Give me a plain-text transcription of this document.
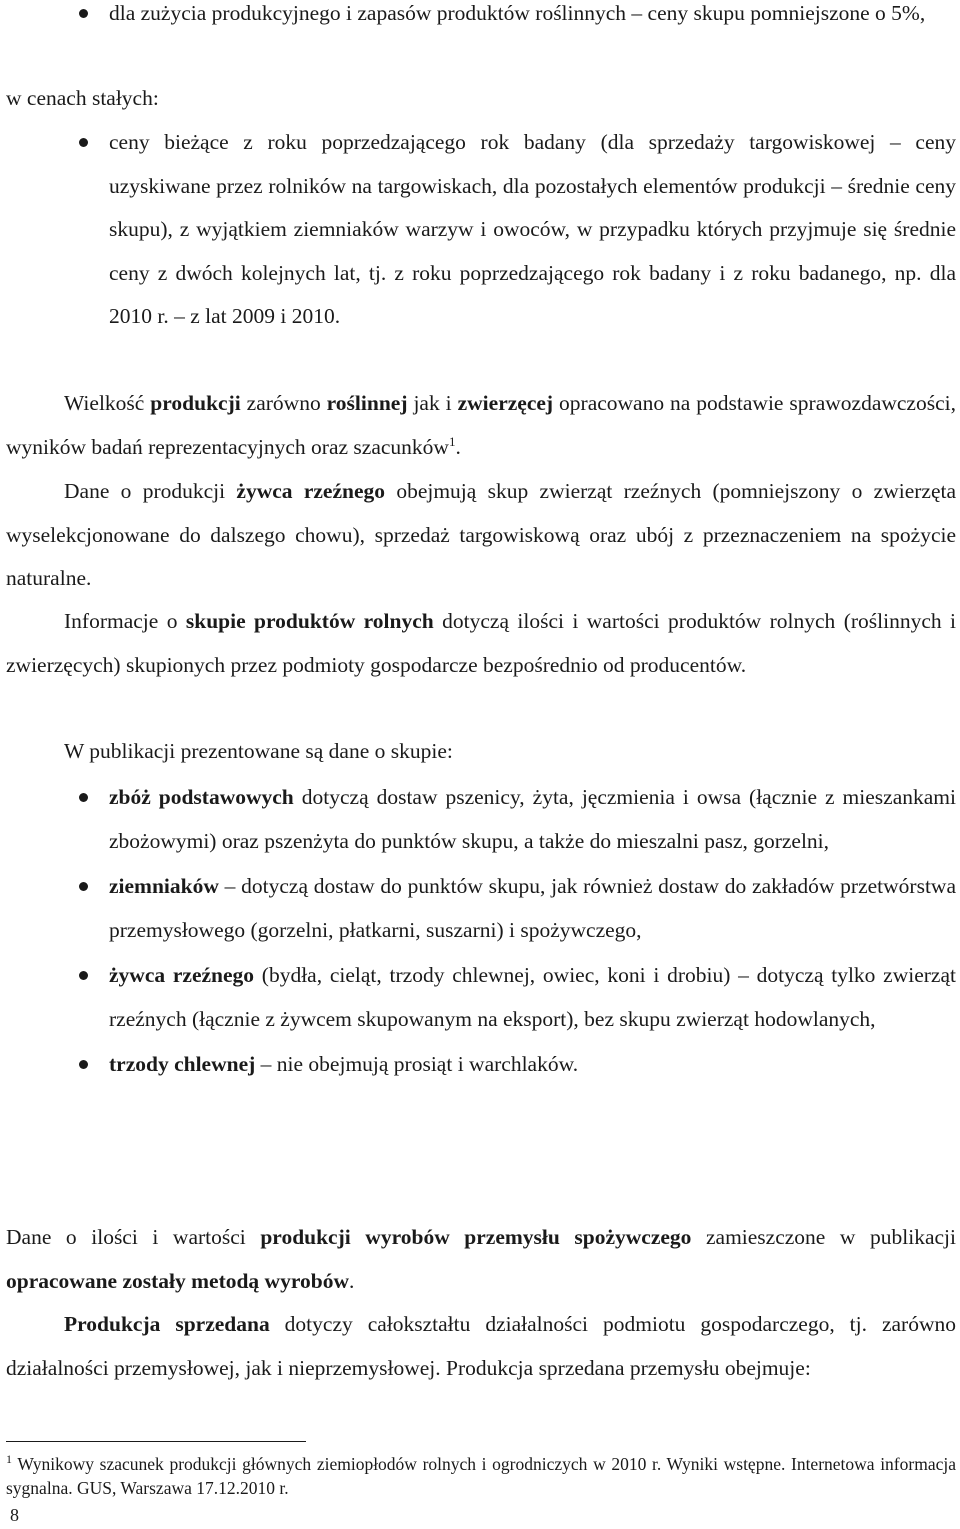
dla zużycia produkcyjnego i zapasów produktów roślinnych – ceny skupu pomniejszone o 5%,
w cenach stałych:
ceny bieżące z roku poprzedzającego rok badany (dla sprzedaży targowiskowej – ceny uzyskiwane przez rolników na targowiskach, dla pozostałych elementów produkcji – średnie ceny skupu), z wyjątkiem ziemniaków warzyw i owoców, w przypadku których przyjmuje się średnie ceny z dwóch kolejnych lat, tj. z roku poprzedzającego rok badany i z roku badanego, np. dla 2010 r. – z lat 2009 i 2010.
Wielkość produkcji zarówno roślinnej jak i zwierzęcej opracowano na podstawie sprawozdawczości, wyników badań reprezentacyjnych oraz szacunków$^1$.
Dane o produkcji żywca rzeźnego obejmują skup zwierząt rzeźnych (pomniejszony o zwierzęta wyselekcjonowane do dalszego chowu), sprzedaż targowiskową oraz ubój z przeznaczeniem na spożycie naturalne.
Informacje o skupie produktów rolnych dotyczą ilości i wartości produktów rolnych (roślinnych i zwierzęcych) skupionych przez podmioty gospodarcze bezpośrednio od producentów.
W publikacji prezentowane są dane o skupie:
zbóż podstawowych dotyczą dostaw pszenicy, żyta, jęczmienia i owsa (łącznie z mieszankami zbożowymi) oraz pszenżyta do punktów skupu, a także do mieszalni pasz, gorzelni,
ziemniaków – dotyczą dostaw do punktów skupu, jak również dostaw do zakładów przetwórstwa przemysłowego (gorzelni, płatkarni, suszarni) i spożywczego,
żywca rzeźnego (bydła, cieląt, trzody chlewnej, owiec, koni i drobiu) – dotyczą tylko zwierząt rzeźnych (łącznie z żywcem skupowanym na eksport), bez skupu zwierząt hodowlanych,
trzody chlewnej – nie obejmują prosiąt i warchlaków.
Dane o ilości i wartości produkcji wyrobów przemysłu spożywczego zamieszczone w publikacji opracowane zostały metodą wyrobów.
Produkcja sprzedana dotyczy całokształtu działalności podmiotu gospodarczego, tj. zarówno działalności przemysłowej, jak i nieprzemysłowej. Produkcja sprzedana przemysłu obejmuje:
$^1$ Wynikowy szacunek produkcji głównych ziemiopłodów rolnych i ogrodniczych w 2010 r. Wyniki wstępne. Internetowa informacja sygnalna. GUS, Warszawa 17.12.2010 r.
8
